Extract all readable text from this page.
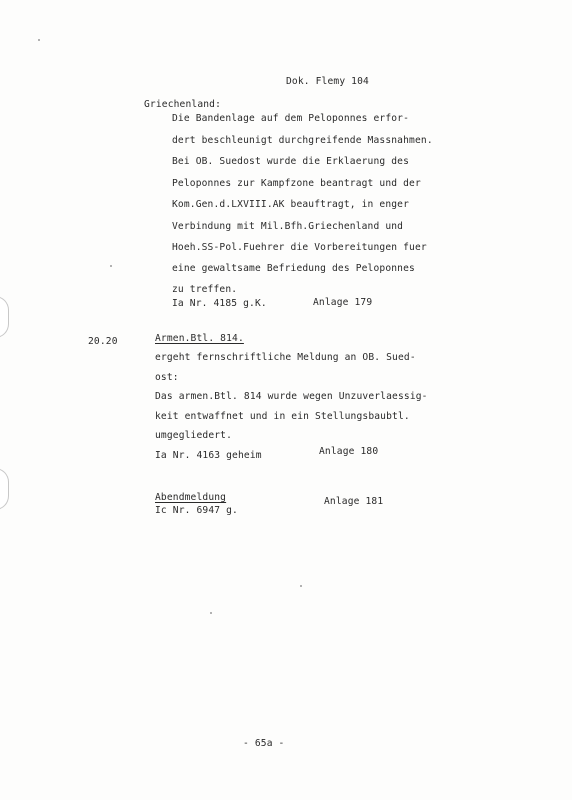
Dok. Flemy 104
Griechenland:
Die Bandenlage auf dem Peloponnes erfor-
dert beschleunigt durchgreifende Massnahmen.
Bei OB. Suedost wurde die Erklaerung des
Peloponnes zur Kampfzone beantragt und der
Kom.Gen.d.LXVIII.AK beauftragt, in enger
Verbindung mit Mil.Bfh.Griechenland und
Hoeh.SS-Pol.Fuehrer die Vorbereitungen fuer
eine gewaltsame Befriedung des Peloponnes
zu treffen.
Ia Nr. 4185 g.K.	Anlage 179
20.20	Armen.Btl. 814.
ergeht fernschriftliche Meldung an OB. Sued-
ost:
Das armen.Btl. 814 wurde wegen Unzuverlaessig-
keit entwaffnet und in ein Stellungsbaubtl.
umgegliedert.
Ia Nr. 4163 geheim	Anlage 180
Abendmeldung
Ic Nr. 6947 g.
Anlage 181
- 65a -
